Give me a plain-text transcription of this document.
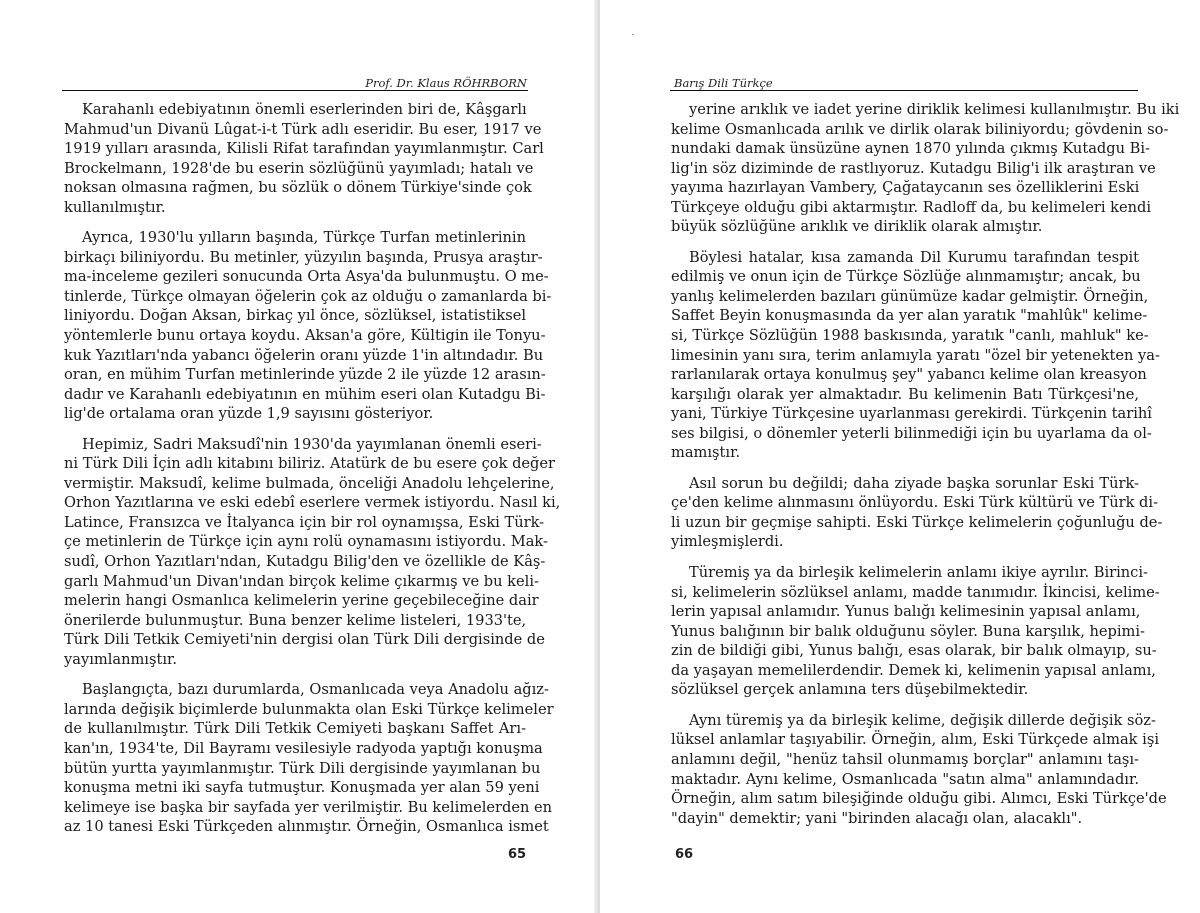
Prof. Dr. Klaus RÖHRBORN
Karahanlı edebiyatının önemli eserlerinden biri de, Kâşgarlı
Mahmud'un Divanü Lûgat-i-t Türk adlı eseridir. Bu eser, 1917 ve
1919 yılları arasında, Kilisli Rifat tarafından yayımlanmıştır. Carl
Brockelmann, 1928'de bu eserin sözlüğünü yayımladı; hatalı ve
noksan olmasına rağmen, bu sözlük o dönem Türkiye'sinde çok
kullanılmıştır.
Ayrıca, 1930'lu yılların başında, Türkçe Turfan metinlerinin
birkaçı biliniyordu. Bu metinler, yüzyılın başında, Prusya araştır-
ma-inceleme gezileri sonucunda Orta Asya'da bulunmuştu. O me-
tinlerde, Türkçe olmayan öğelerin çok az olduğu o zamanlarda bi-
liniyordu. Doğan Aksan, birkaç yıl önce, sözlüksel, istatistiksel
yöntemlerle bunu ortaya koydu. Aksan'a göre, Kültigin ile Tonyu-
kuk Yazıtları'nda yabancı öğelerin oranı yüzde 1'in altındadır. Bu
oran, en mühim Turfan metinlerinde yüzde 2 ile yüzde 12 arasın-
dadır ve Karahanlı edebiyatının en mühim eseri olan Kutadgu Bi-
lig'de ortalama oran yüzde 1,9 sayısını gösteriyor.
Hepimiz, Sadri Maksudî'nin 1930'da yayımlanan önemli eseri-
ni Türk Dili İçin adlı kitabını biliriz. Atatürk de bu esere çok değer
vermiştir. Maksudî, kelime bulmada, önceliği Anadolu lehçelerine,
Orhon Yazıtlarına ve eski edebî eserlere vermek istiyordu. Nasıl ki,
Latince, Fransızca ve İtalyanca için bir rol oynamışsa, Eski Türk-
çe metinlerin de Türkçe için aynı rolü oynamasını istiyordu. Mak-
sudî, Orhon Yazıtları'ndan, Kutadgu Bilig'den ve özellikle de Kâş-
garlı Mahmud'un Divan'ından birçok kelime çıkarmış ve bu keli-
melerin hangi Osmanlıca kelimelerin yerine geçebileceğine dair
önerilerde bulunmuştur. Buna benzer kelime listeleri, 1933'te,
Türk Dili Tetkik Cemiyeti'nin dergisi olan Türk Dili dergisinde de
yayımlanmıştır.
Başlangıçta, bazı durumlarda, Osmanlıcada veya Anadolu ağız-
larında değişik biçimlerde bulunmakta olan Eski Türkçe kelimeler
de kullanılmıştır. Türk Dili Tetkik Cemiyeti başkanı Saffet Arı-
kan'ın, 1934'te, Dil Bayramı vesilesiyle radyoda yaptığı konuşma
bütün yurtta yayımlanmıştır. Türk Dili dergisinde yayımlanan bu
konuşma metni iki sayfa tutmuştur. Konuşmada yer alan 59 yeni
kelimeye ise başka bir sayfada yer verilmiştir. Bu kelimelerden en
az 10 tanesi Eski Türkçeden alınmıştır. Örneğin, Osmanlıca ismet
65
Barış Dili Türkçe
yerine arıklık ve iadet yerine diriklik kelimesi kullanılmıştır. Bu iki
kelime Osmanlıcada arılık ve dirlik olarak biliniyordu; gövdenin so-
nundaki damak ünsüzüne aynen 1870 yılında çıkmış Kutadgu Bi-
lig'in söz diziminde de rastlıyoruz. Kutadgu Bilig'i ilk araştıran ve
yayıma hazırlayan Vambery, Çağataycanın ses özelliklerini Eski
Türkçeye olduğu gibi aktarmıştır. Radloff da, bu kelimeleri kendi
büyük sözlüğüne arıklık ve diriklik olarak almıştır.
Böylesi hatalar, kısa zamanda Dil Kurumu tarafından tespit
edilmiş ve onun için de Türkçe Sözlüğe alınmamıştır; ancak, bu
yanlış kelimelerden bazıları günümüze kadar gelmiştir. Örneğin,
Saffet Beyin konuşmasında da yer alan yaratık "mahlûk" kelime-
si, Türkçe Sözlüğün 1988 baskısında, yaratık "canlı, mahluk" ke-
limesinin yanı sıra, terim anlamıyla yaratı "özel bir yetenekten ya-
rarlanılarak ortaya konulmuş şey" yabancı kelime olan kreasyon
karşılığı olarak yer almaktadır. Bu kelimenin Batı Türkçesi'ne,
yani, Türkiye Türkçesine uyarlanması gerekirdi. Türkçenin tarihî
ses bilgisi, o dönemler yeterli bilinmediği için bu uyarlama da ol-
mamıştır.
Asıl sorun bu değildi; daha ziyade başka sorunlar Eski Türk-
çe'den kelime alınmasını önlüyordu. Eski Türk kültürü ve Türk di-
li uzun bir geçmişe sahipti. Eski Türkçe kelimelerin çoğunluğu de-
yimleşmişlerdi.
Türemiş ya da birleşik kelimelerin anlamı ikiye ayrılır. Birinci-
si, kelimelerin sözlüksel anlamı, madde tanımıdır. İkincisi, kelime-
lerin yapısal anlamıdır. Yunus balığı kelimesinin yapısal anlamı,
Yunus balığının bir balık olduğunu söyler. Buna karşılık, hepimi-
zin de bildiği gibi, Yunus balığı, esas olarak, bir balık olmayıp, su-
da yaşayan memelilerdendir. Demek ki, kelimenin yapısal anlamı,
sözlüksel gerçek anlamına ters düşebilmektedir.
Aynı türemiş ya da birleşik kelime, değişik dillerde değişik söz-
lüksel anlamlar taşıyabilir. Örneğin, alım, Eski Türkçede almak işi
anlamını değil, "henüz tahsil olunmamış borçlar" anlamını taşı-
maktadır. Aynı kelime, Osmanlıcada "satın alma" anlamındadır.
Örneğin, alım satım bileşiğinde olduğu gibi. Alımcı, Eski Türkçe'de
"dayin" demektir; yani "birinden alacağı olan, alacaklı".
66
